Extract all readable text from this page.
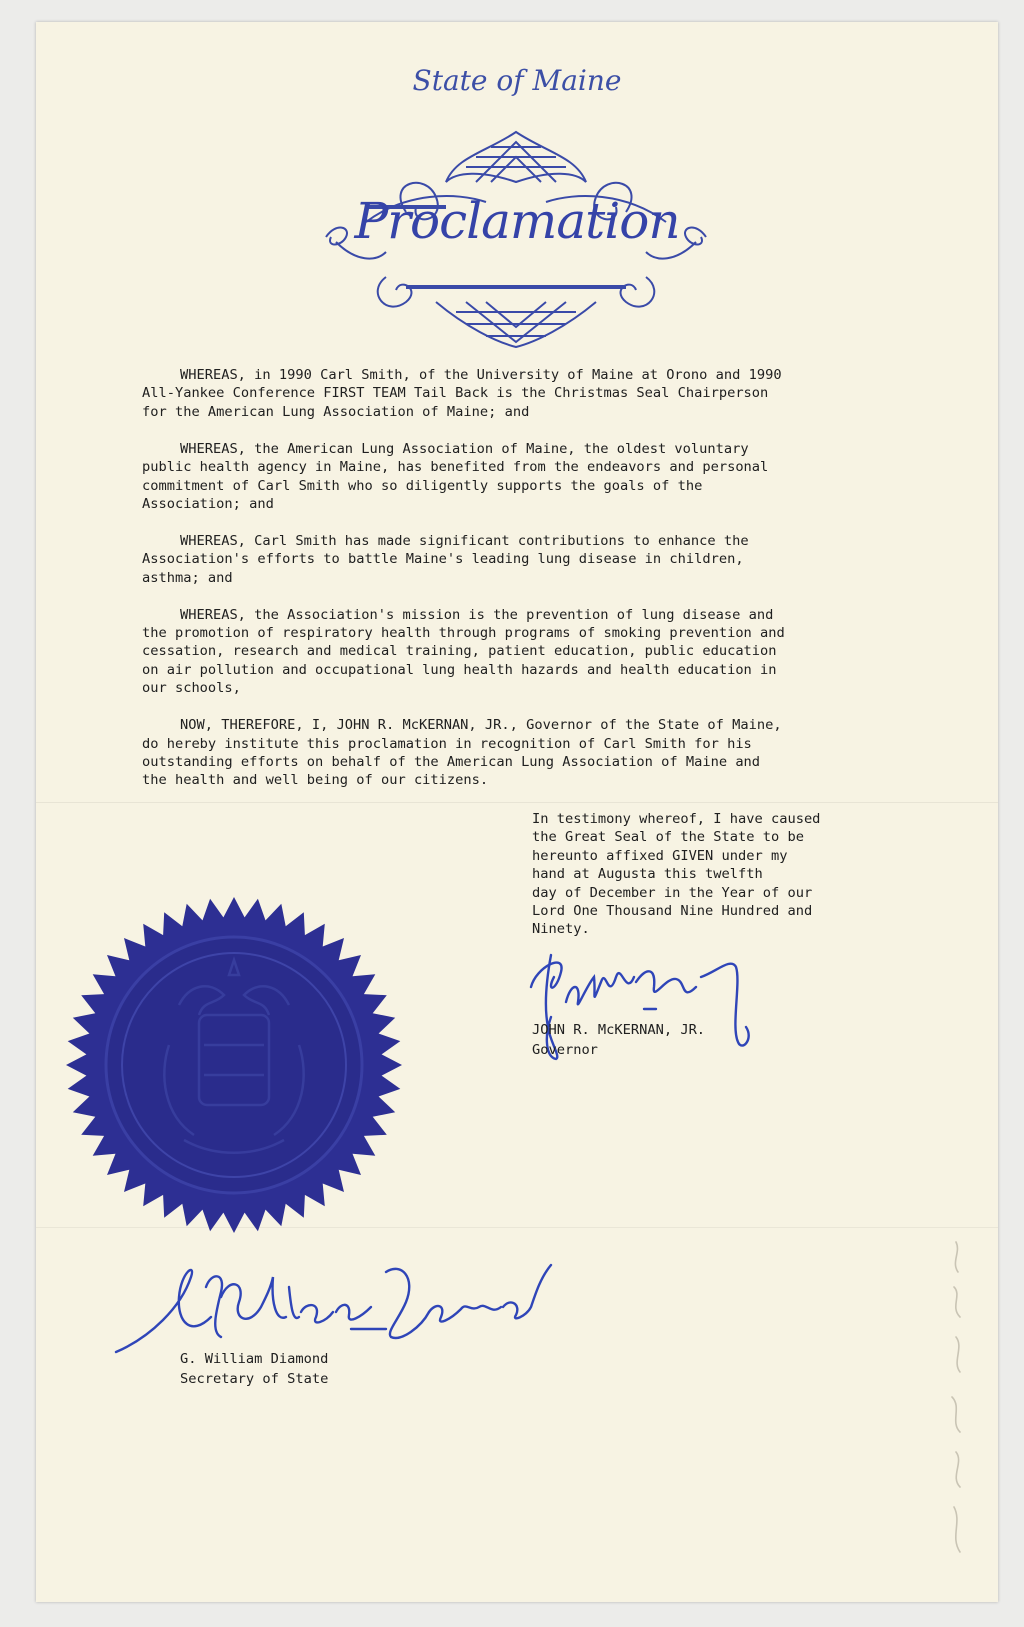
State of Maine
Proclamation

WHEREAS, in 1990 Carl Smith, of the University of Maine at Orono and 1990
All-Yankee Conference FIRST TEAM Tail Back is the Christmas Seal Chairperson
for the American Lung Association of Maine; and

WHEREAS, the American Lung Association of Maine, the oldest voluntary
public health agency in Maine, has benefited from the endeavors and personal
commitment of Carl Smith who so diligently supports the goals of the
Association; and

WHEREAS, Carl Smith has made significant contributions to enhance the
Association's efforts to battle Maine's leading lung disease in children,
asthma; and

WHEREAS, the Association's mission is the prevention of lung disease and
the promotion of respiratory health through programs of smoking prevention and
cessation, research and medical training, patient education, public education
on air pollution and occupational lung health hazards and health education in
our schools,

NOW, THEREFORE, I, JOHN R. McKERNAN, JR., Governor of the State of Maine,
do hereby institute this proclamation in recognition of Carl Smith for his
outstanding efforts on behalf of the American Lung Association of Maine and
the health and well being of our citizens.

In testimony whereof, I have caused
the Great Seal of the State to be
hereunto affixed GIVEN under my
hand at Augusta this twelfth
day of December in the Year of our
Lord One Thousand Nine Hundred and
Ninety.
JOHN R. McKERNAN, JR.
Governor
G. William Diamond
Secretary of State
